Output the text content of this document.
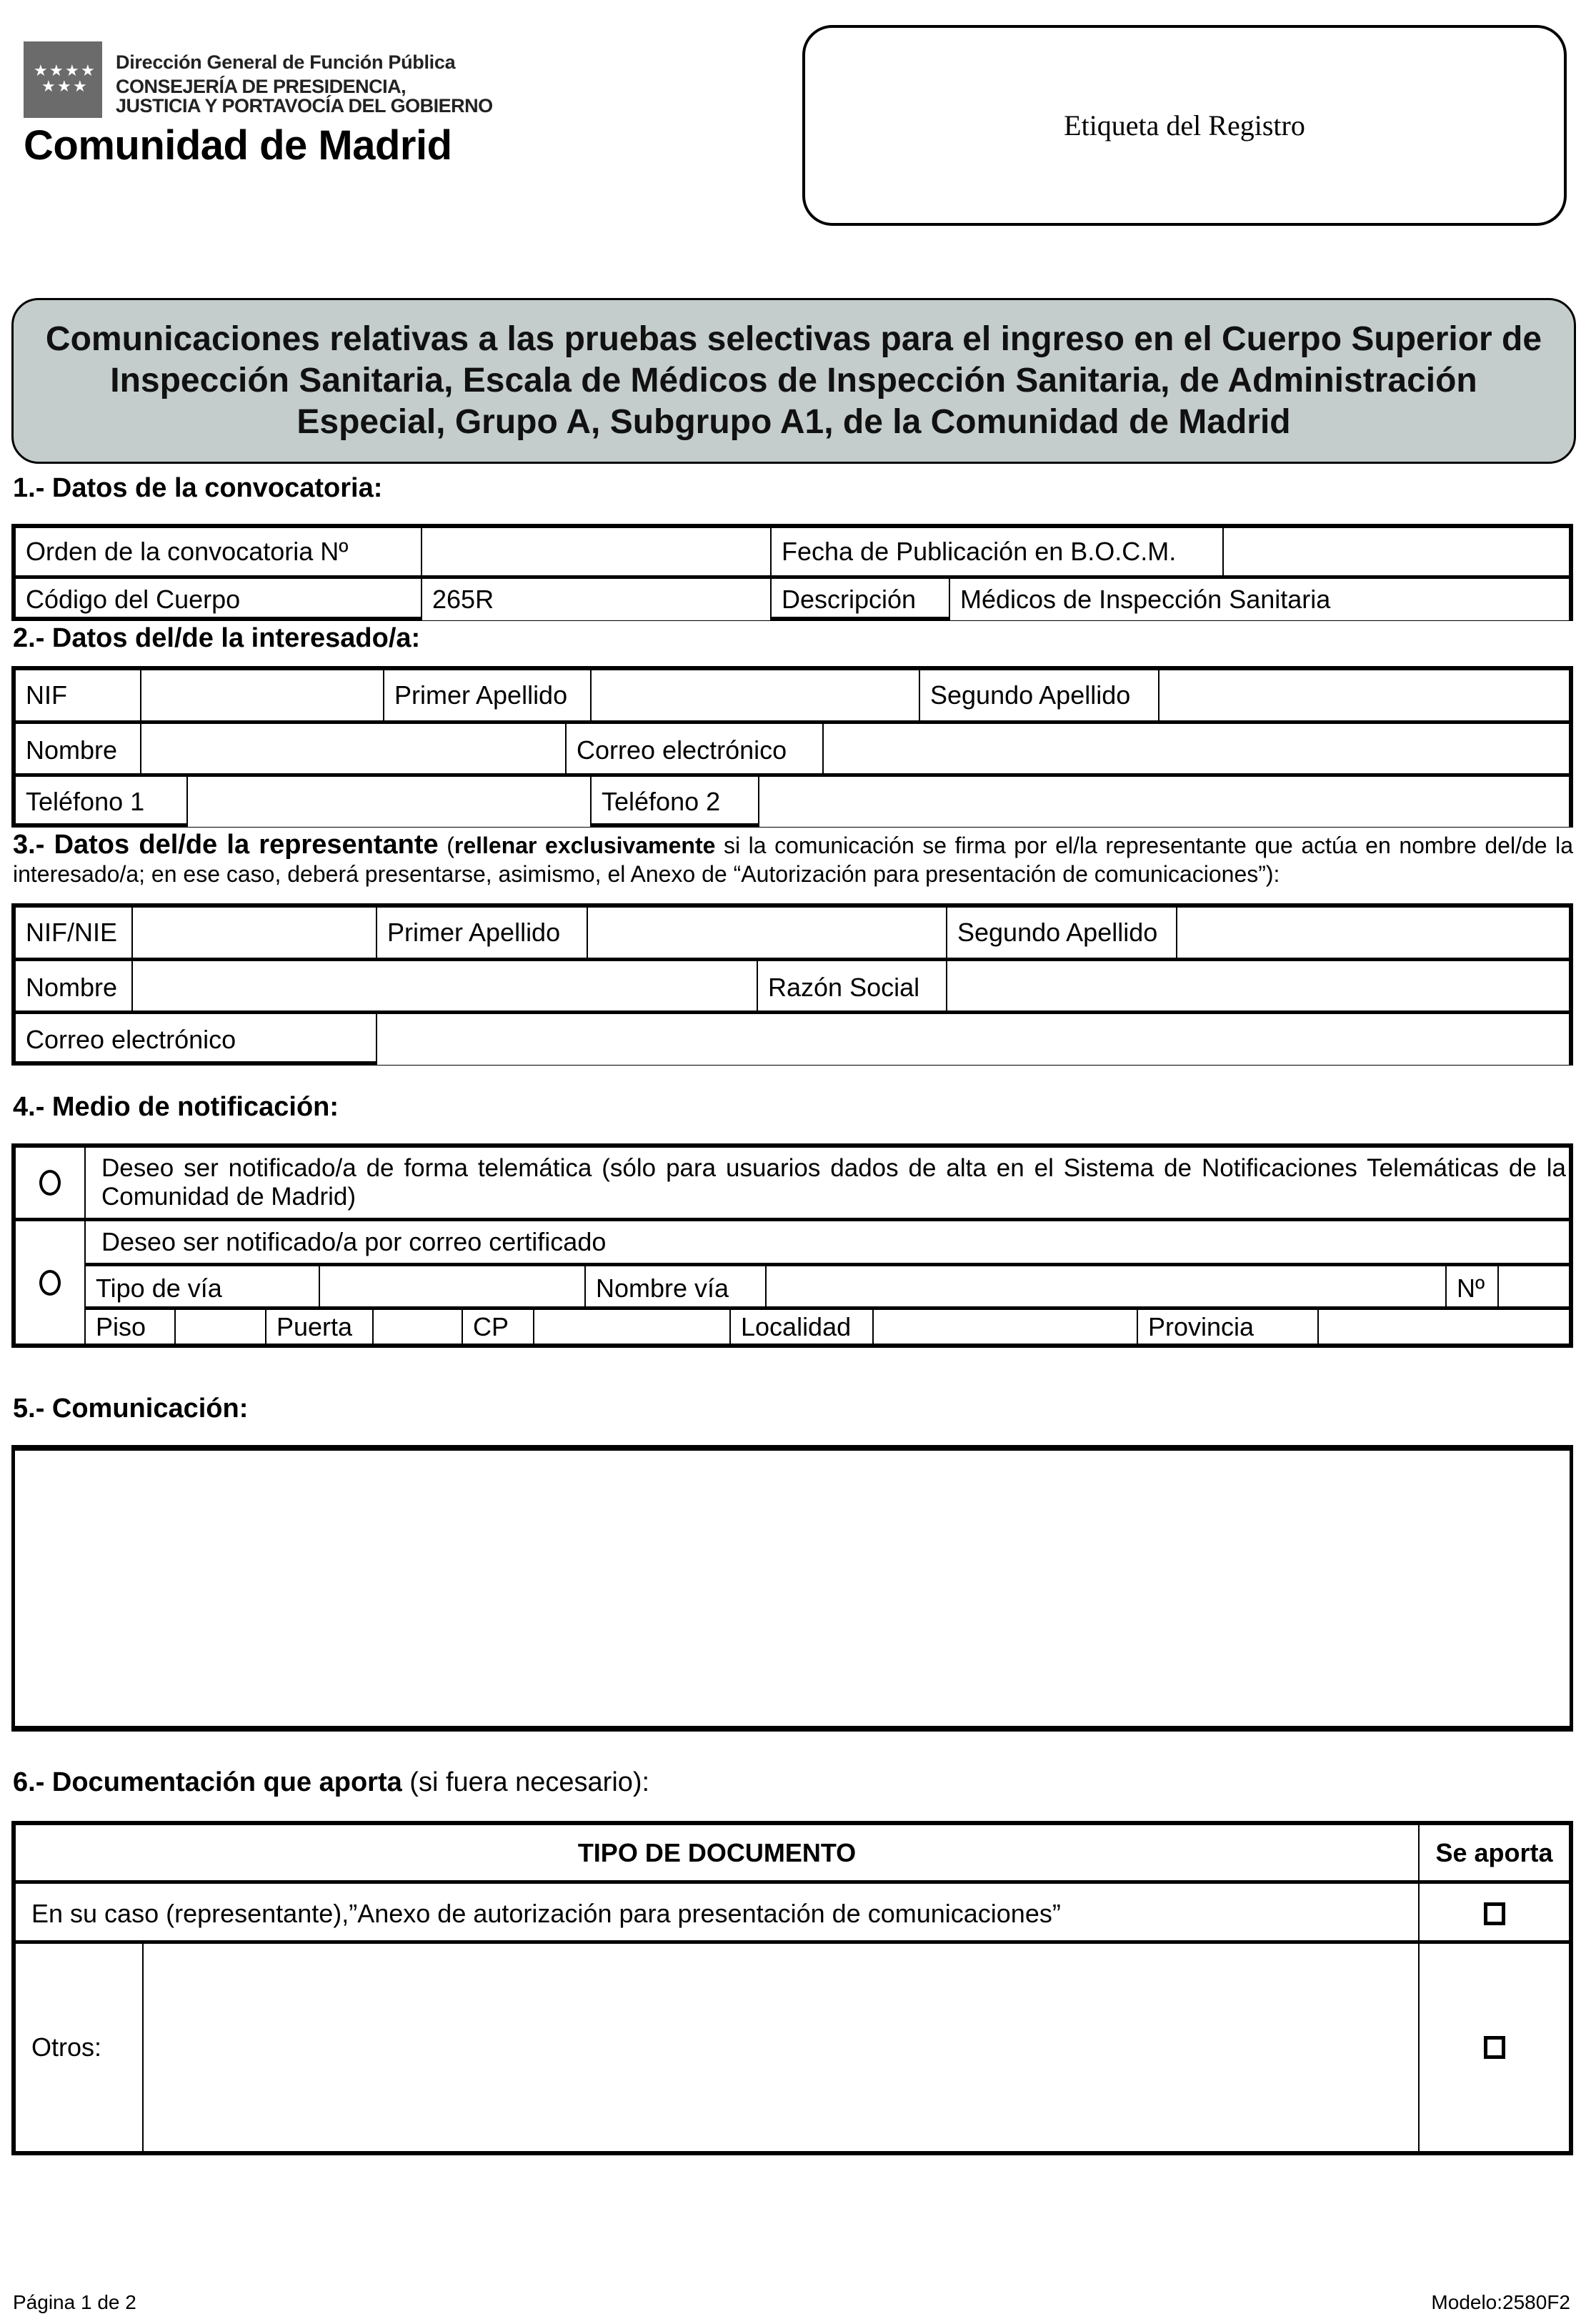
★ ★ ★ ★
★ ★ ★
Dirección General de Función Pública
CONSEJERÍA DE PRESIDENCIA,
JUSTICIA Y PORTAVOCÍA DEL GOBIERNO
Comunidad de Madrid	Etiqueta del Registro
Comunicaciones relativas a las pruebas selectivas para el ingreso en el Cuerpo Superior de Inspección Sanitaria, Escala de Médicos de Inspección Sanitaria, de Administración Especial, Grupo A, Subgrupo A1, de la Comunidad de Madrid
1.- Datos de la convocatoria:
Orden de la convocatoria Nº	Fecha de Publicación en B.O.C.M.
Código del Cuerpo	265R	Descripción	Médicos de Inspección Sanitaria
2.- Datos del/de la interesado/a:
NIF	Primer Apellido	Segundo Apellido
Nombre	Correo electrónico
Teléfono 1	Teléfono 2
3.- Datos del/de la representante (rellenar exclusivamente si la comunicación se firma por el/la representante que actúa en nombre del/de la interesado/a; en ese caso, deberá presentarse, asimismo, el Anexo de “Autorización para presentación de comunicaciones”):
NIF/NIE	Primer Apellido	Segundo Apellido
Nombre	Razón Social
Correo electrónico
4.- Medio de notificación:
Deseo ser notificado/a de forma telemática (sólo para usuarios dados de alta en el Sistema de Notificaciones Telemáticas de la Comunidad de Madrid)
Deseo ser notificado/a por correo certificado
Tipo de vía	Nombre vía	Nº
Piso	Puerta	CP	Localidad	Provincia
5.- Comunicación:
6.- Documentación que aporta (si fuera necesario):
TIPO DE DOCUMENTO	Se aporta
En su caso (representante),”Anexo de autorización para presentación de comunicaciones”
Otros:
Página 1 de 2	Modelo:2580F2
